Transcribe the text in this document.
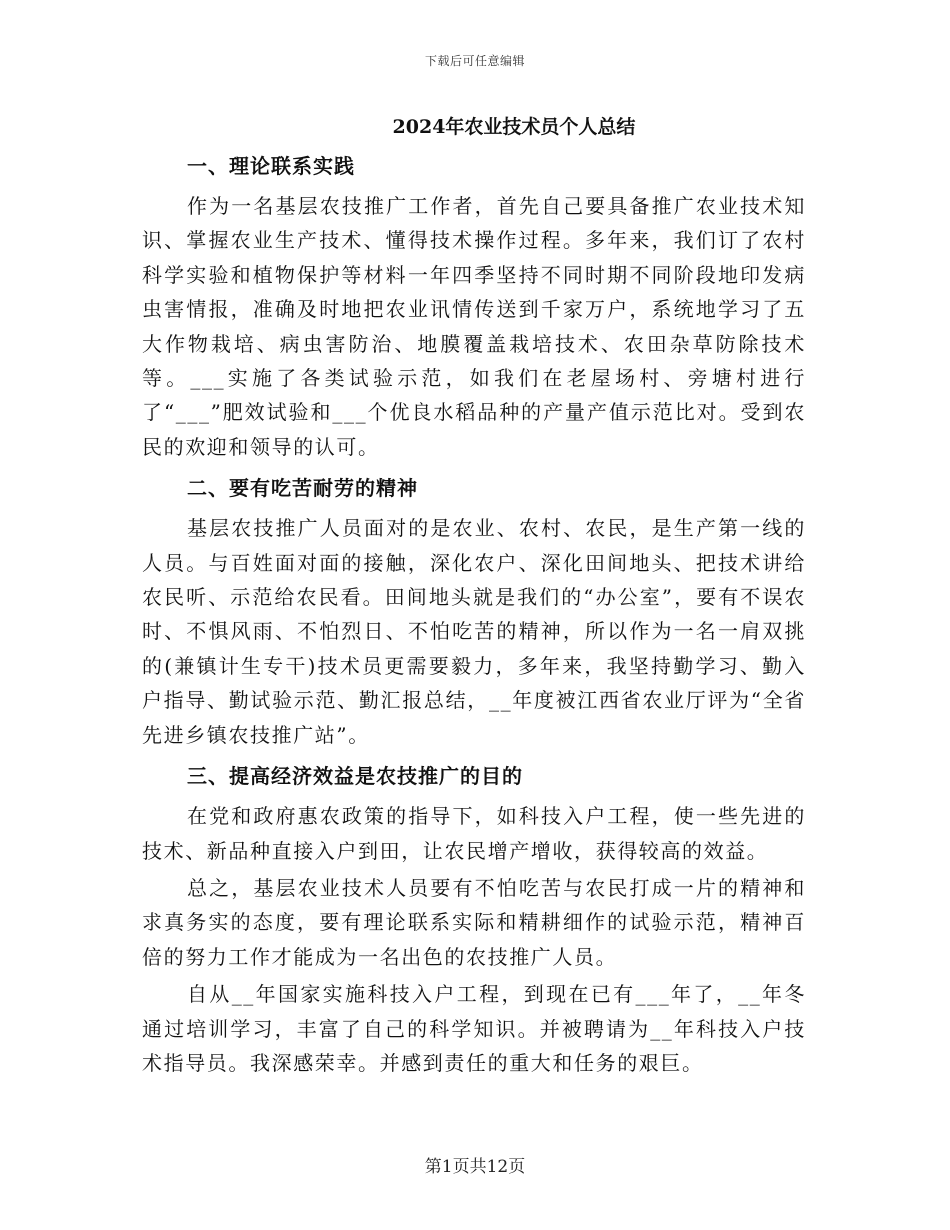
下载后可任意编辑
2024年农业技术员个人总结
一、理论联系实践

作为一名基层农技推广工作者，首先自己要具备推广农业技术知识、掌握农业生产技术、懂得技术操作过程。多年来，我们订了农村科学实验和植物保护等材料一年四季坚持不同时期不同阶段地印发病虫害情报，准确及时地把农业讯情传送到千家万户，系统地学习了五大作物栽培、病虫害防治、地膜覆盖栽培技术、农田杂草防除技术等。___实施了各类试验示范，如我们在老屋场村、旁塘村进行了“___”肥效试验和___个优良水稻品种的产量产值示范比对。受到农民的欢迎和领导的认可。

二、要有吃苦耐劳的精神

基层农技推广人员面对的是农业、农村、农民，是生产第一线的人员。与百姓面对面的接触，深化农户、深化田间地头、把技术讲给农民听、示范给农民看。田间地头就是我们的“办公室”，要有不误农时、不惧风雨、不怕烈日、不怕吃苦的精神，所以作为一名一肩双挑的(兼镇计生专干)技术员更需要毅力，多年来，我坚持勤学习、勤入户指导、勤试验示范、勤汇报总结，__年度被江西省农业厅评为“全省先进乡镇农技推广站”。

三、提高经济效益是农技推广的目的

在党和政府惠农政策的指导下，如科技入户工程，使一些先进的技术、新品种直接入户到田，让农民增产增收，获得较高的效益。

总之，基层农业技术人员要有不怕吃苦与农民打成一片的精神和求真务实的态度，要有理论联系实际和精耕细作的试验示范，精神百倍的努力工作才能成为一名出色的农技推广人员。

自从__年国家实施科技入户工程，到现在已有___年了，__年冬通过培训学习，丰富了自己的科学知识。并被聘请为__年科技入户技术指导员。我深感荣幸。并感到责任的重大和任务的艰巨。

第1页共12页
